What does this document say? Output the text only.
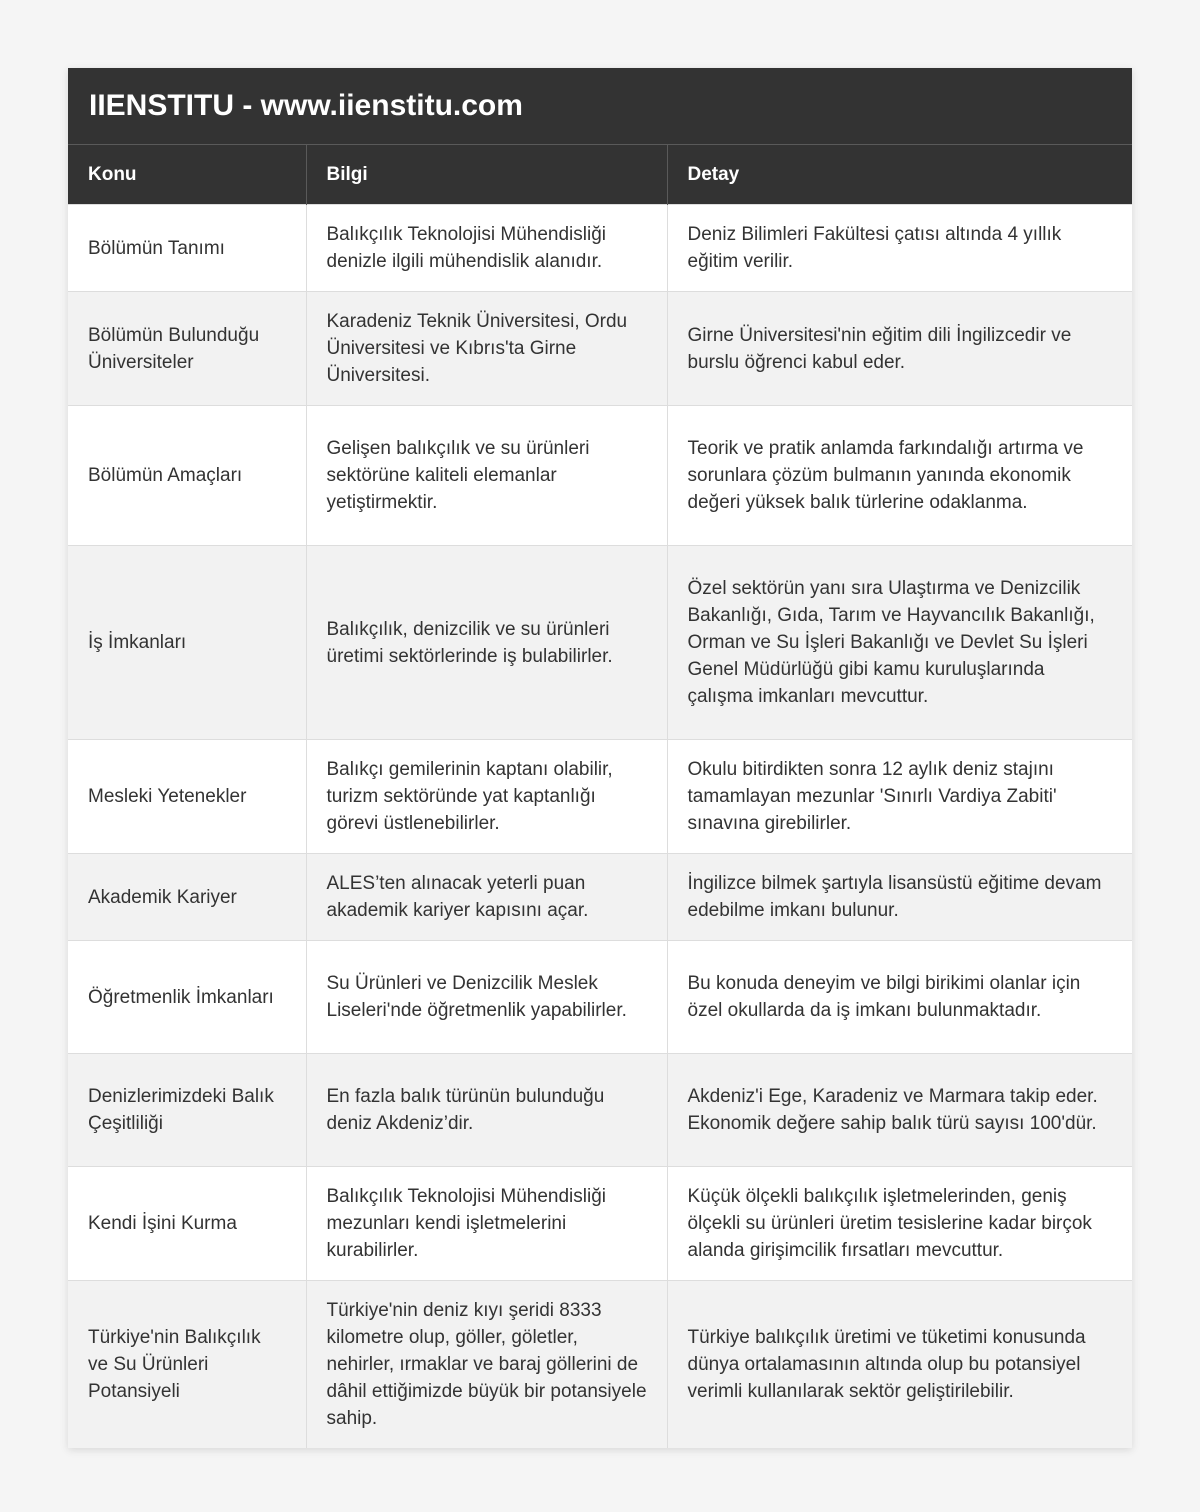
IIENSTITU - www.iienstitu.com
Konu	Bilgi	Detay
Bölümün Tanımı	Balıkçılık Teknolojisi Mühendisliği denizle ilgili mühendislik alanıdır.	Deniz Bilimleri Fakültesi çatısı altında 4 yıllık eğitim verilir.
Bölümün Bulunduğu Üniversiteler	Karadeniz Teknik Üniversitesi, Ordu Üniversitesi ve Kıbrıs'ta Girne Üniversitesi.	Girne Üniversitesi'nin eğitim dili İngilizcedir ve burslu öğrenci kabul eder.
Bölümün Amaçları	Gelişen balıkçılık ve su ürünleri sektörüne kaliteli elemanlar yetiştirmektir.	Teorik ve pratik anlamda farkındalığı artırma ve sorunlara çözüm bulmanın yanında ekonomik değeri yüksek balık türlerine odaklanma.
İş İmkanları	Balıkçılık, denizcilik ve su ürünleri üretimi sektörlerinde iş bulabilirler.	Özel sektörün yanı sıra Ulaştırma ve Denizcilik Bakanlığı, Gıda, Tarım ve Hayvancılık Bakanlığı, Orman ve Su İşleri Bakanlığı ve Devlet Su İşleri Genel Müdürlüğü gibi kamu kuruluşlarında çalışma imkanları mevcuttur.
Mesleki Yetenekler	Balıkçı gemilerinin kaptanı olabilir, turizm sektöründe yat kaptanlığı görevi üstlenebilirler.	Okulu bitirdikten sonra 12 aylık deniz stajını tamamlayan mezunlar 'Sınırlı Vardiya Zabiti' sınavına girebilirler.
Akademik Kariyer	ALES’ten alınacak yeterli puan akademik kariyer kapısını açar.	İngilizce bilmek şartıyla lisansüstü eğitime devam edebilme imkanı bulunur.
Öğretmenlik İmkanları	Su Ürünleri ve Denizcilik Meslek Liseleri'nde öğretmenlik yapabilirler.	Bu konuda deneyim ve bilgi birikimi olanlar için özel okullarda da iş imkanı bulunmaktadır.
Denizlerimizdeki Balık Çeşitliliği	En fazla balık türünün bulunduğu deniz Akdeniz’dir.	Akdeniz'i Ege, Karadeniz ve Marmara takip eder. Ekonomik değere sahip balık türü sayısı 100'dür.
Kendi İşini Kurma	Balıkçılık Teknolojisi Mühendisliği mezunları kendi işletmelerini kurabilirler.	Küçük ölçekli balıkçılık işletmelerinden, geniş ölçekli su ürünleri üretim tesislerine kadar birçok alanda girişimcilik fırsatları mevcuttur.
Türkiye'nin Balıkçılık ve Su Ürünleri Potansiyeli	Türkiye'nin deniz kıyı şeridi 8333 kilometre olup, göller, göletler, nehirler, ırmaklar ve baraj göllerini de dâhil ettiğimizde büyük bir potansiyele sahip.	Türkiye balıkçılık üretimi ve tüketimi konusunda dünya ortalamasının altında olup bu potansiyel verimli kullanılarak sektör geliştirilebilir.
